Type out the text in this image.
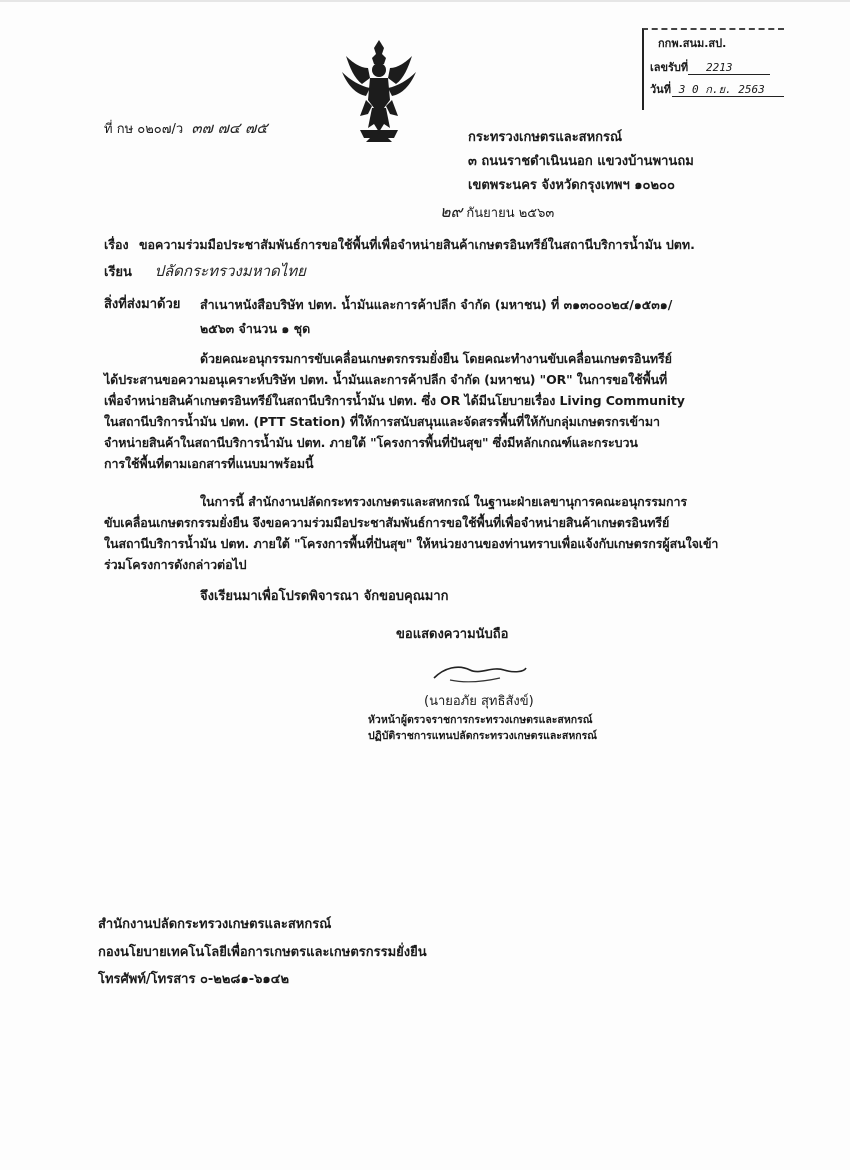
กกพ.สนม.สป.
เลขรับที่ 2213
วันที่ 3 0 ก.ย. 2563
ที่ กษ ๐๒๐๗/ว ๓๗ ๗๔ ๗๕
กระทรวงเกษตรและสหกรณ์
๓ ถนนราชดำเนินนอก แขวงบ้านพานถม
เขตพระนคร จังหวัดกรุงเทพฯ ๑๐๒๐๐
๒๙ กันยายน ๒๕๖๓
เรื่อง ขอความร่วมมือประชาสัมพันธ์การขอใช้พื้นที่เพื่อจำหน่ายสินค้าเกษตรอินทรีย์ในสถานีบริการน้ำมัน ปตท.
เรียน ปลัดกระทรวงมหาดไทย
สิ่งที่ส่งมาด้วย สำเนาหนังสือบริษัท ปตท. น้ำมันและการค้าปลีก จำกัด (มหาชน) ที่ ๓๑๓๐๐๐๒๔/๑๕๓๑/
๒๕๖๓ จำนวน ๑ ชุด
ด้วยคณะอนุกรรมการขับเคลื่อนเกษตรกรรมยั่งยืน โดยคณะทำงานขับเคลื่อนเกษตรอินทรีย์
ได้ประสานขอความอนุเคราะห์บริษัท ปตท. น้ำมันและการค้าปลีก จำกัด (มหาชน) "OR" ในการขอใช้พื้นที่
เพื่อจำหน่ายสินค้าเกษตรอินทรีย์ในสถานีบริการน้ำมัน ปตท. ซึ่ง OR ได้มีนโยบายเรื่อง Living Community
ในสถานีบริการน้ำมัน ปตท. (PTT Station) ที่ให้การสนับสนุนและจัดสรรพื้นที่ให้กับกลุ่มเกษตรกรเข้ามา
จำหน่ายสินค้าในสถานีบริการน้ำมัน ปตท. ภายใต้ "โครงการพื้นที่ปันสุข" ซึ่งมีหลักเกณฑ์และกระบวน
การใช้พื้นที่ตามเอกสารที่แนบมาพร้อมนี้
ในการนี้ สำนักงานปลัดกระทรวงเกษตรและสหกรณ์ ในฐานะฝ่ายเลขานุการคณะอนุกรรมการ
ขับเคลื่อนเกษตรกรรมยั่งยืน จึงขอความร่วมมือประชาสัมพันธ์การขอใช้พื้นที่เพื่อจำหน่ายสินค้าเกษตรอินทรีย์
ในสถานีบริการน้ำมัน ปตท. ภายใต้ "โครงการพื้นที่ปันสุข" ให้หน่วยงานของท่านทราบเพื่อแจ้งกับเกษตรกรผู้สนใจเข้า
ร่วมโครงการดังกล่าวต่อไป
จึงเรียนมาเพื่อโปรดพิจารณา จักขอบคุณมาก
ขอแสดงความนับถือ
(นายอภัย สุทธิสังข์)
หัวหน้าผู้ตรวจราชการกระทรวงเกษตรและสหกรณ์
ปฏิบัติราชการแทนปลัดกระทรวงเกษตรและสหกรณ์
สำนักงานปลัดกระทรวงเกษตรและสหกรณ์
กองนโยบายเทคโนโลยีเพื่อการเกษตรและเกษตรกรรมยั่งยืน
โทรศัพท์/โทรสาร ๐-๒๒๘๑-๖๑๔๒
